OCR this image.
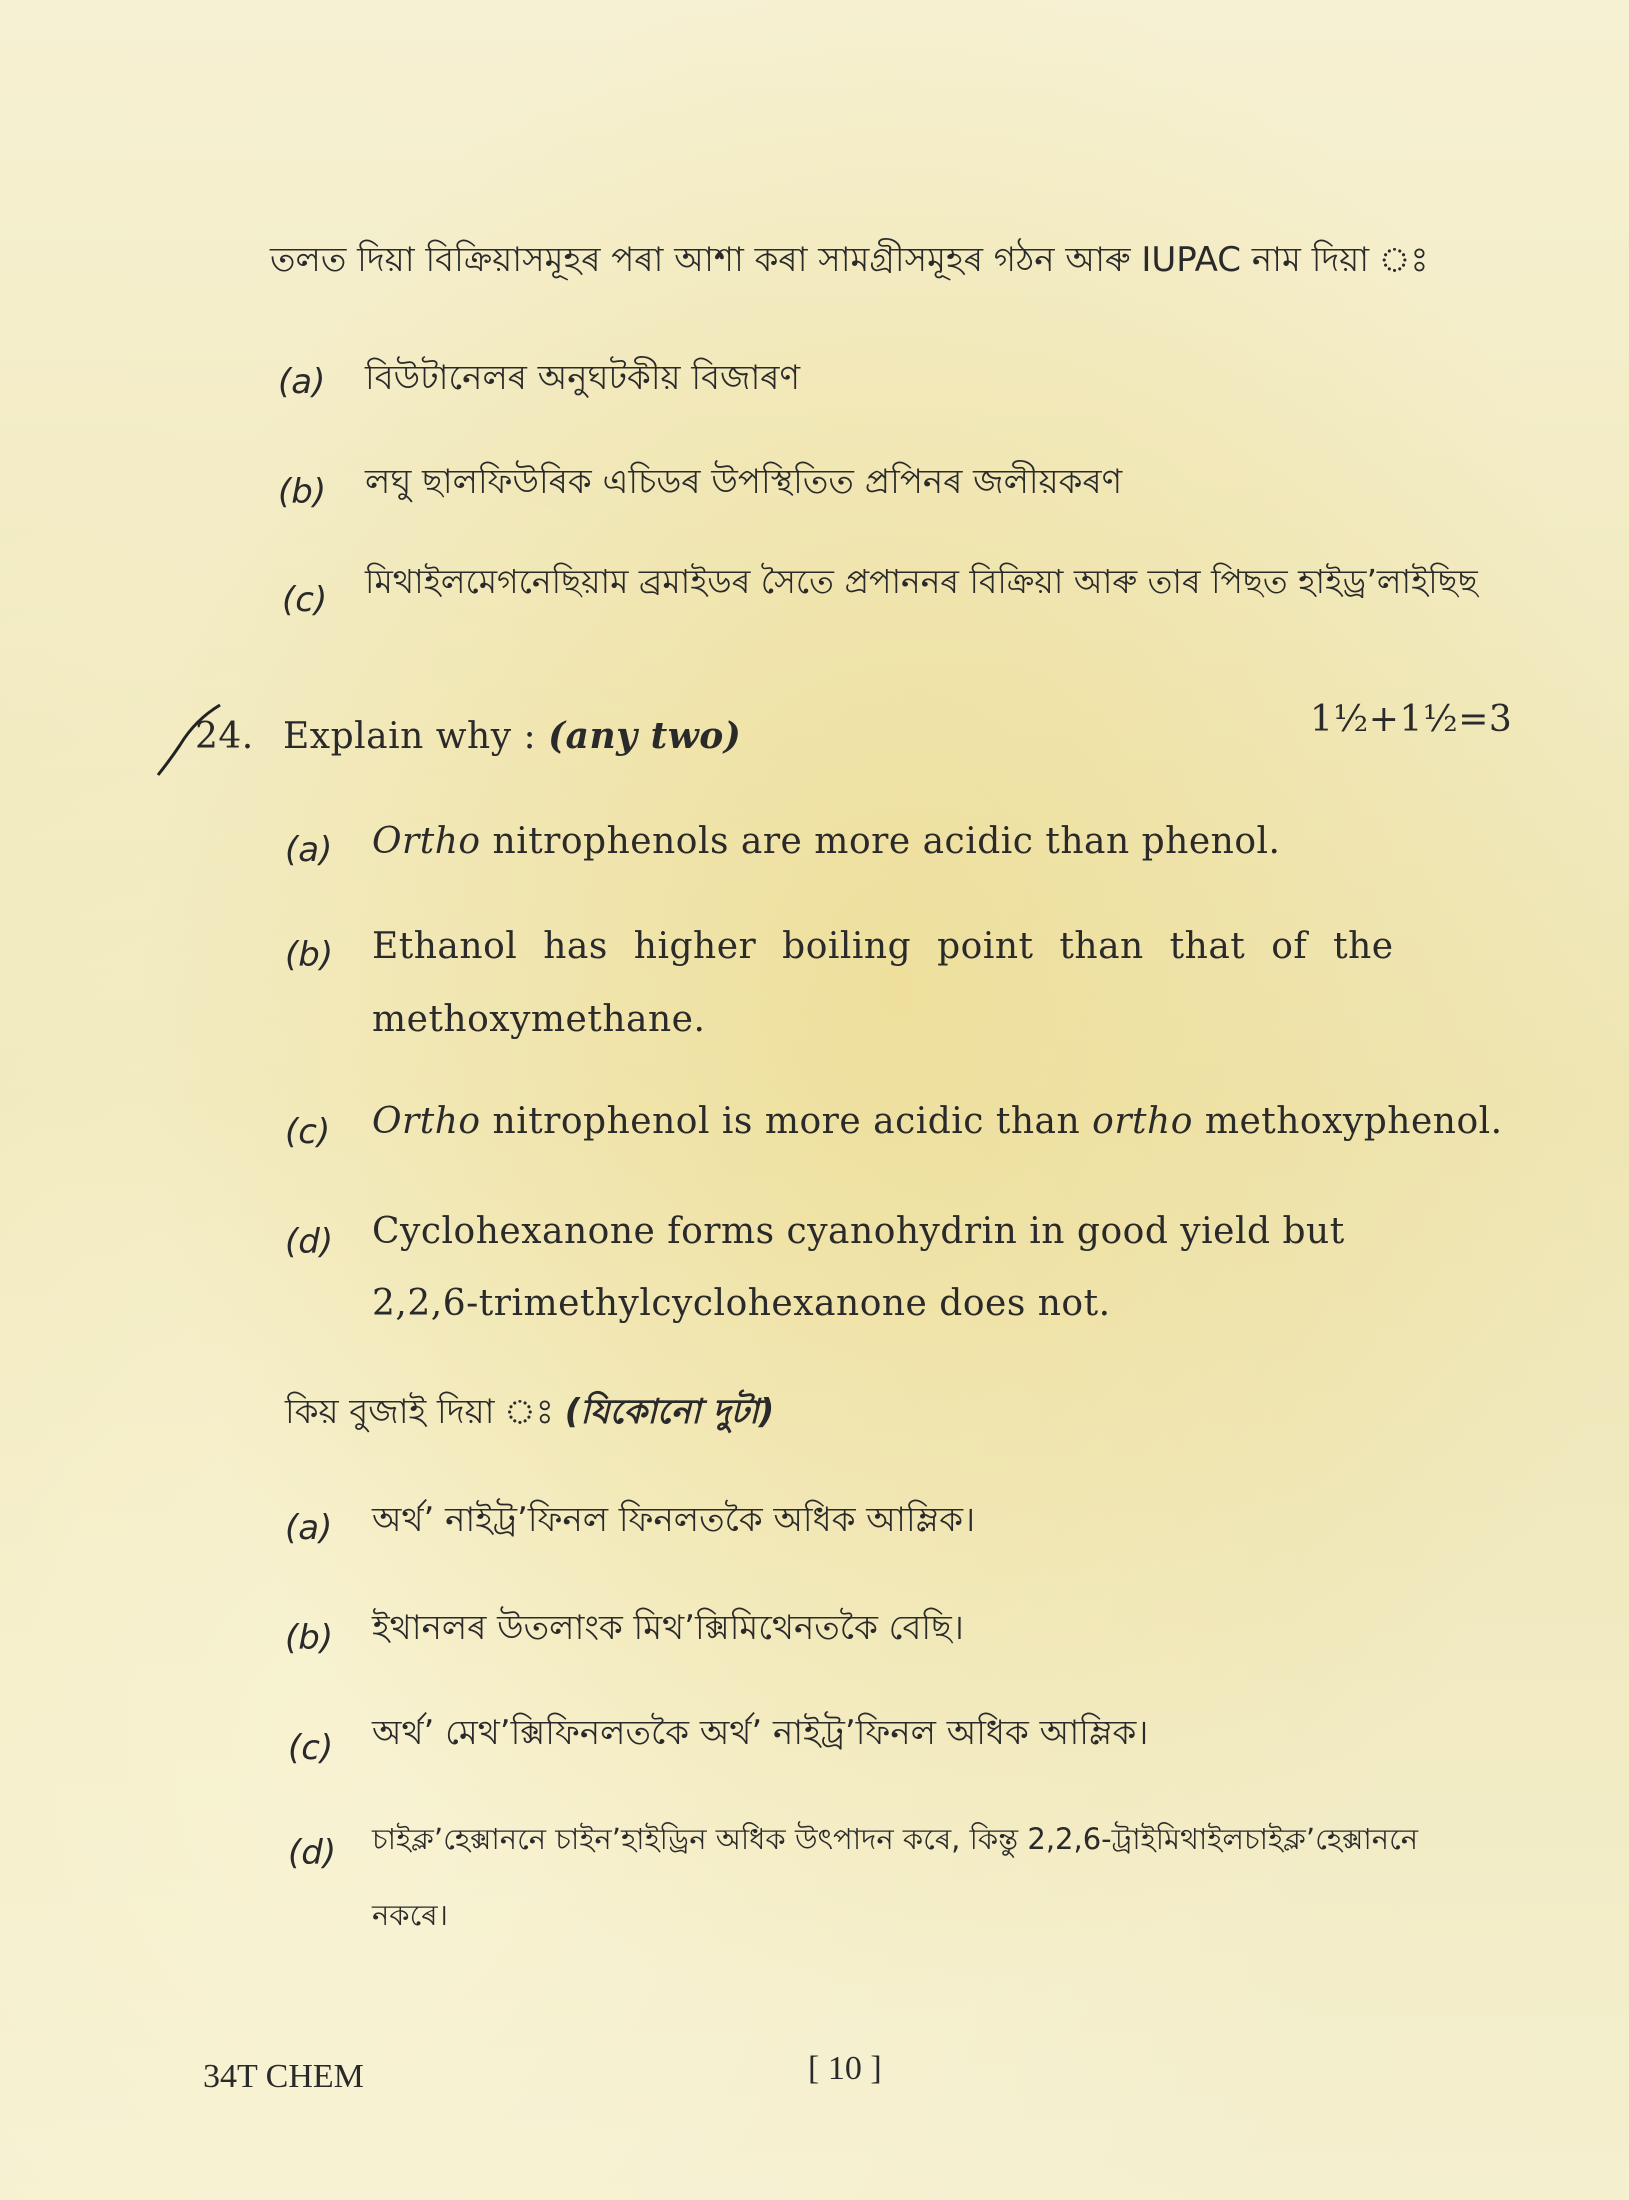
তলত দিয়া বিক্ৰিয়াসমূহৰ পৰা আশা কৰা সামগ্ৰীসমূহৰ গঠন আৰু IUPAC নাম দিয়া ঃ
(a) বিউটানেলৰ অনুঘটকীয় বিজাৰণ
(b) লঘু ছালফিউৰিক এচিডৰ উপস্থিতিত প্ৰপিনৰ জলীয়কৰণ
(c) মিথাইলমেগনেছিয়াম ব্ৰমাইডৰ সৈতে প্ৰপাননৰ বিক্ৰিয়া আৰু তাৰ পিছত হাইড্ৰ’লাইছিছ
24. Explain why : (any two)	1½+1½=3
(a) Ortho nitrophenols are more acidic than phenol.
(b) Ethanol has higher boiling point than that of the
methoxymethane.
(c) Ortho nitrophenol is more acidic than ortho methoxyphenol.
(d) Cyclohexanone forms cyanohydrin in good yield but
2,2,6-trimethylcyclohexanone does not.
কিয় বুজাই দিয়া ঃ (যিকোনো দুটা)
(a) অৰ্থ’ নাইট্ৰ’ফিনল ফিনলতকৈ অধিক আম্লিক।
(b) ইথানলৰ উতলাংক মিথ’ক্সিমিথেনতকৈ বেছি।
(c) অৰ্থ’ মেথ’ক্সিফিনলতকৈ অৰ্থ’ নাইট্ৰ’ফিনল অধিক আম্লিক।
(d) চাইক্ল’হেক্সাননে চাইন’হাইড্ৰিন অধিক উৎপাদন কৰে, কিন্তু 2,2,6-ট্ৰাইমিথাইলচাইক্ল’হেক্সাননে
নকৰে।
34T CHEM	[ 10 ]
